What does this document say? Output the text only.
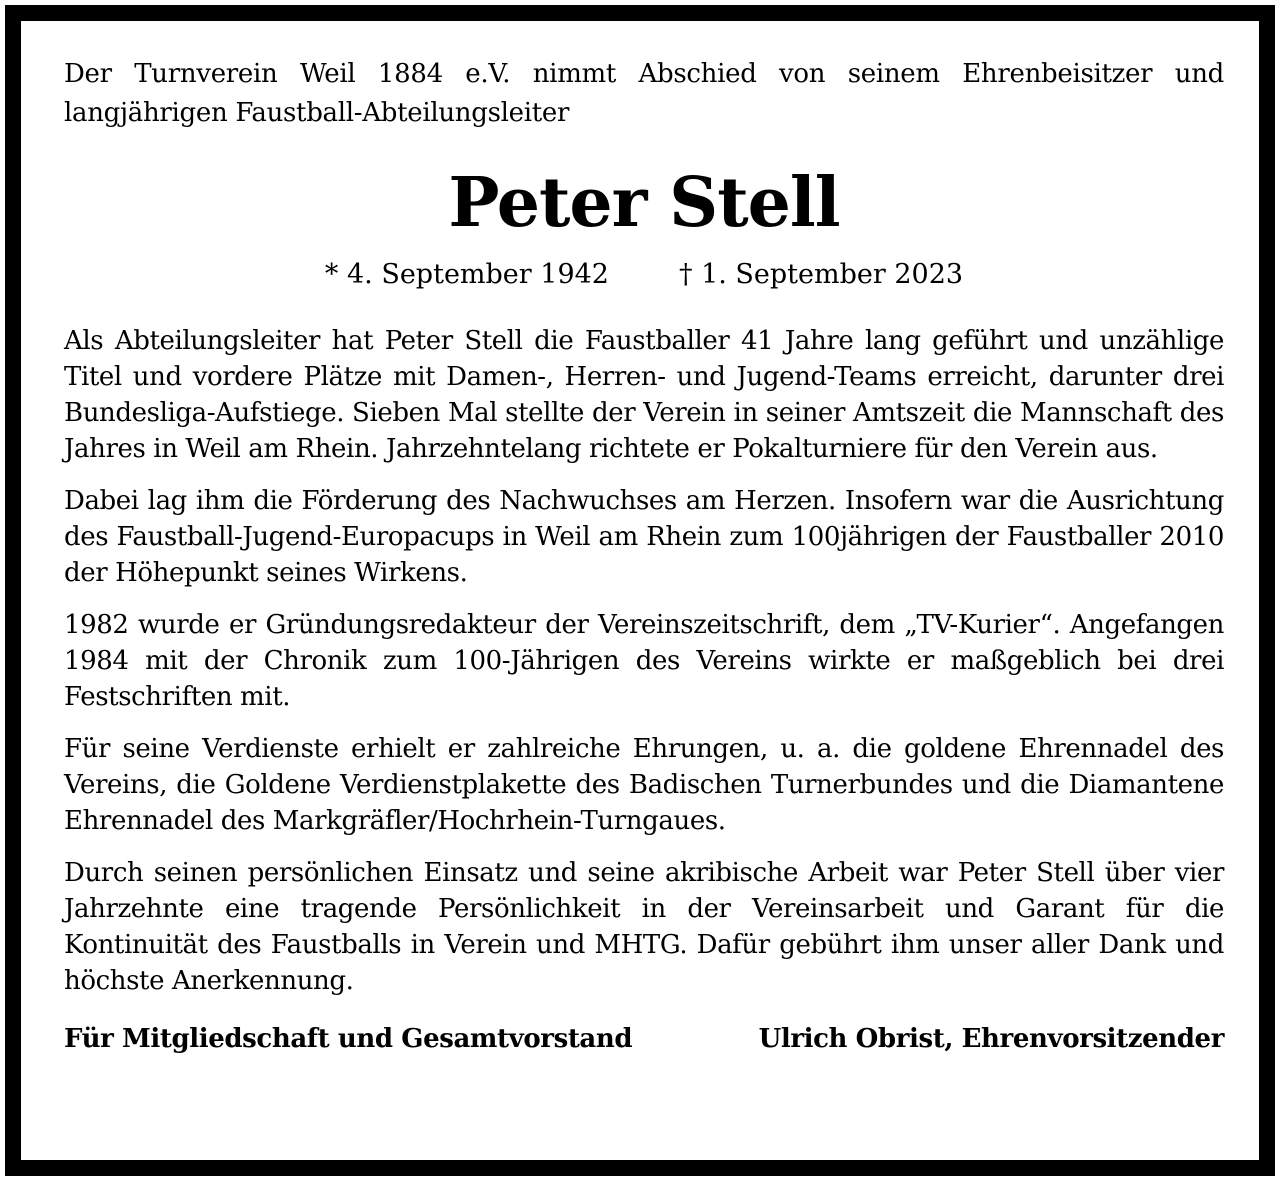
Der Turnverein Weil 1884 e.V. nimmt Abschied von seinem Ehrenbeisitzer und langjährigen Faustball-Abteilungsleiter

Peter Stell
* 4. September 1942	† 1. September 2023

Als Abteilungsleiter hat Peter Stell die Faustballer 41 Jahre lang geführt und unzählige Titel und vordere Plätze mit Damen-, Herren- und Jugend-Teams erreicht, darunter drei Bundesliga-Aufstiege. Sieben Mal stellte der Verein in seiner Amtszeit die Mannschaft des Jahres in Weil am Rhein. Jahrzehntelang richtete er Pokalturniere für den Verein aus.

Dabei lag ihm die Förderung des Nachwuchses am Herzen. Insofern war die Ausrichtung des Faustball-Jugend-Europacups in Weil am Rhein zum 100jährigen der Faustballer 2010 der Höhepunkt seines Wirkens.

1982 wurde er Gründungsredakteur der Vereinszeitschrift, dem „TV-Kurier“. Angefangen 1984 mit der Chronik zum 100-Jährigen des Vereins wirkte er maßgeblich bei drei Festschriften mit.

Für seine Verdienste erhielt er zahlreiche Ehrungen, u. a. die goldene Ehrennadel des Vereins, die Goldene Verdienstplakette des Badischen Turnerbundes und die Diamantene Ehrennadel des Markgräfler/Hochrhein-Turngaues.

Durch seinen persönlichen Einsatz und seine akribische Arbeit war Peter Stell über vier Jahrzehnte eine tragende Persönlichkeit in der Vereinsarbeit und Garant für die Kontinuität des Faustballs in Verein und MHTG. Dafür gebührt ihm unser aller Dank und höchste Anerkennung.

Für Mitgliedschaft und Gesamtvorstand	Ulrich Obrist, Ehrenvorsitzender
